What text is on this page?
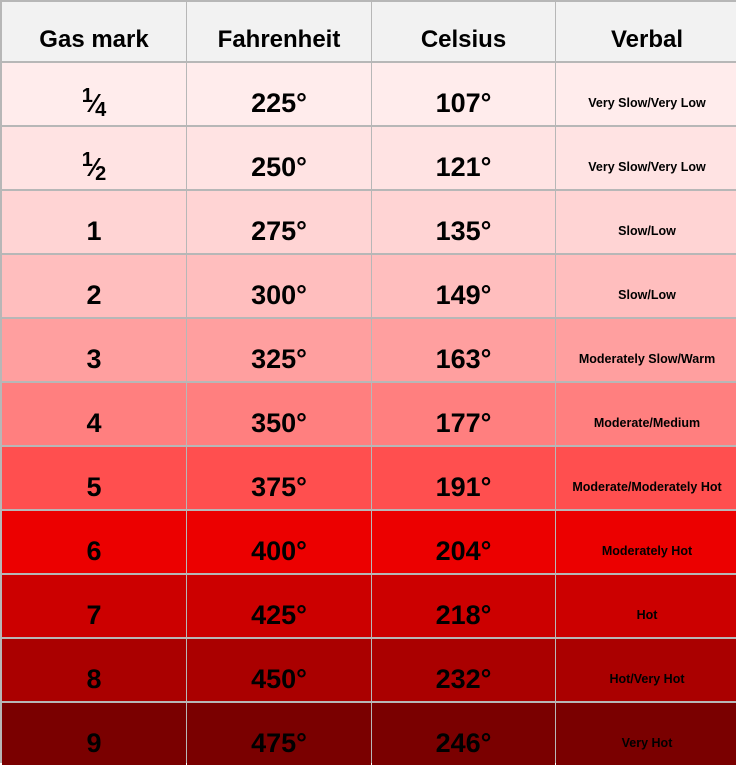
Gas mark	Fahrenheit	Celsius	Verbal
1 ⁄ 4	225°	107°	Very Slow/Very Low
1 ⁄ 2	250°	121°	Very Slow/Very Low
1	275°	135°	Slow/Low
2	300°	149°	Slow/Low
3	325°	163°	Moderately Slow/Warm
4	350°	177°	Moderate/Medium
5	375°	191°	Moderate/Moderately Hot
6	400°	204°	Moderately Hot
7	425°	218°	Hot
8	450°	232°	Hot/Very Hot
9	475°	246°	Very Hot
